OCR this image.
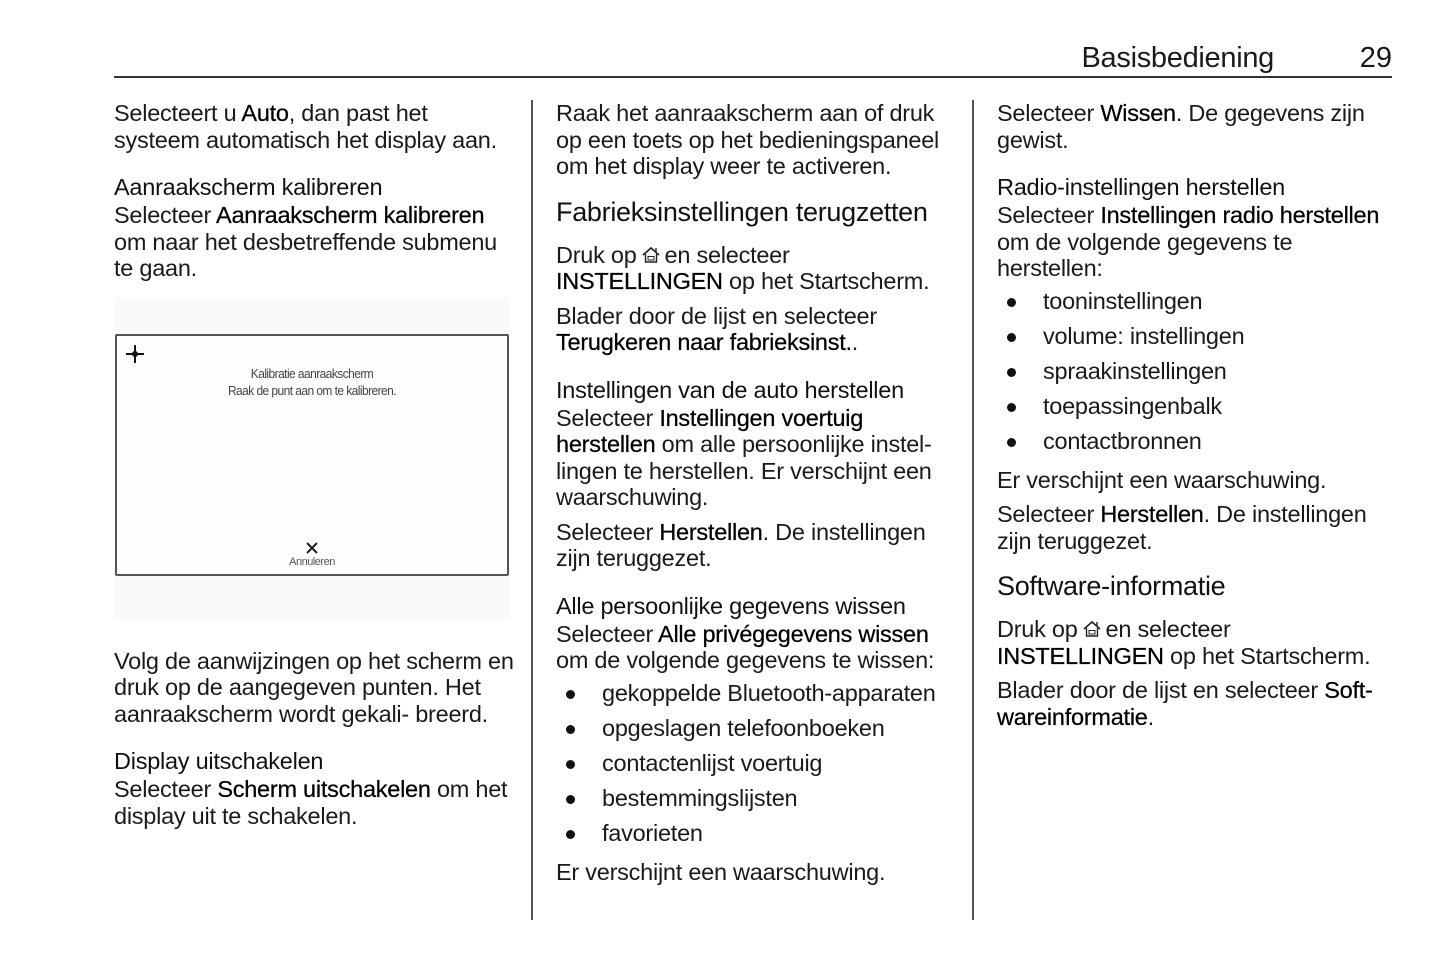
Basisbediening	29

Selecteert u Auto, dan past het systeem automatisch het display aan.

Aanraakscherm kalibreren

Selecteer Aanraakscherm kalibreren om naar het desbetreffende submenu te gaan.

Kalibratie aanraakscherm
Raak de punt aan om te kalibreren.
Annuleren

Volg de aanwijzingen op het scherm en druk op de aangegeven punten. Het aanraakscherm wordt gekali- breerd.

Display uitschakelen

Selecteer Scherm uitschakelen om het display uit te schakelen.

Raak het aanraakscherm aan of druk op een toets op het bedieningspaneel om het display weer te activeren.

Fabrieksinstellingen terugzetten

Druk op en selecteer
INSTELLINGEN op het Startscherm.

Blader door de lijst en selecteer Terugkeren naar fabrieksinst..

Instellingen van de auto herstellen

Selecteer Instellingen voertuig herstellen om alle persoonlijke instel- lingen te herstellen. Er verschijnt een waarschuwing.

Selecteer Herstellen. De instellingen zijn teruggezet.

Alle persoonlijke gegevens wissen

Selecteer Alle privégegevens wissen om de volgende gegevens te wissen:

gekoppelde Bluetooth-apparaten
opgeslagen telefoonboeken
contactenlijst voertuig
bestemmingslijsten
favorieten

Er verschijnt een waarschuwing.

Selecteer Wissen. De gegevens zijn gewist.

Radio-instellingen herstellen

Selecteer Instellingen radio herstellen om de volgende gegevens te herstellen:

tooninstellingen
volume: instellingen
spraakinstellingen
toepassingenbalk
contactbronnen

Er verschijnt een waarschuwing.

Selecteer Herstellen. De instellingen zijn teruggezet.

Software-informatie

Druk op en selecteer
INSTELLINGEN op het Startscherm.

Blader door de lijst en selecteer Soft- wareinformatie.
